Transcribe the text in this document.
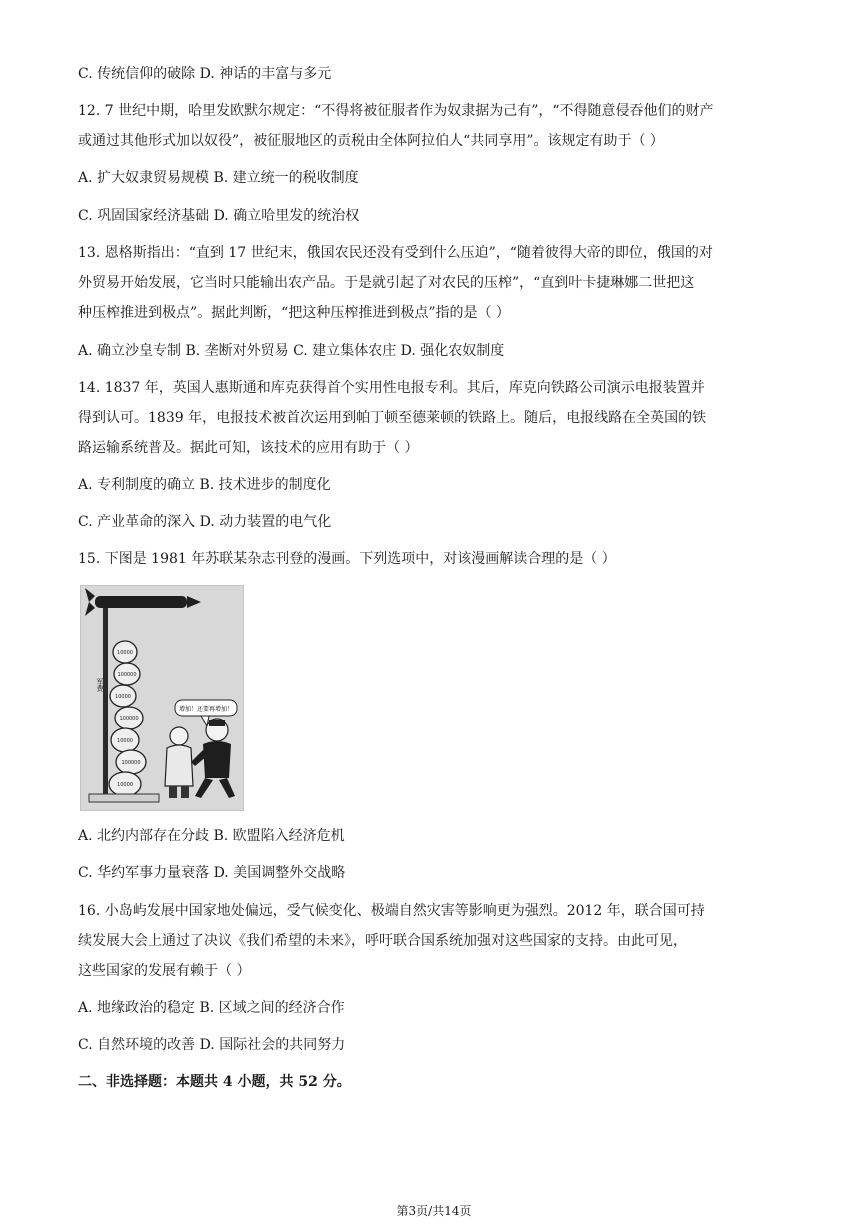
C. 传统信仰的破除 D. 神话的丰富与多元
12. 7 世纪中期，哈里发欧默尔规定：“不得将被征服者作为奴隶据为己有”，“不得随意侵吞他们的财产
或通过其他形式加以奴役”，被征服地区的贡税由全体阿拉伯人“共同享用”。该规定有助于（ ）
A. 扩大奴隶贸易规模 B. 建立统一的税收制度
C. 巩固国家经济基础 D. 确立哈里发的统治权
13. 恩格斯指出：“直到 17 世纪末，俄国农民还没有受到什么压迫”，“随着彼得大帝的即位，俄国的对
外贸易开始发展，它当时只能输出农产品。于是就引起了对农民的压榨”，“直到叶卡捷琳娜二世把这
种压榨推进到极点”。据此判断，“把这种压榨推进到极点”指的是（ ）
A. 确立沙皇专制 B. 垄断对外贸易 C. 建立集体农庄 D. 强化农奴制度
14. 1837 年，英国人惠斯通和库克获得首个实用性电报专利。其后，库克向铁路公司演示电报装置并
得到认可。1839 年，电报技术被首次运用到帕丁顿至德莱顿的铁路上。随后，电报线路在全英国的铁
路运输系统普及。据此可知，该技术的应用有助于（ ）
A. 专利制度的确立 B. 技术进步的制度化
C. 产业革命的深入 D. 动力装置的电气化
15. 下图是 1981 年苏联某杂志刊登的漫画。下列选项中，对该漫画解读合理的是（ ）
军费
10000
100000
10000
100000
10000
100000
10000
增加！还要再增加！
A. 北约内部存在分歧 B. 欧盟陷入经济危机
C. 华约军事力量衰落 D. 美国调整外交战略
16. 小岛屿发展中国家地处偏远，受气候变化、极端自然灾害等影响更为强烈。2012 年，联合国可持
续发展大会上通过了决议《我们希望的未来》，呼吁联合国系统加强对这些国家的支持。由此可见，
这些国家的发展有赖于（ ）
A. 地缘政治的稳定 B. 区域之间的经济合作
C. 自然环境的改善 D. 国际社会的共同努力
二、非选择题：本题共 4 小题，共 52 分。
第3页/共14页
